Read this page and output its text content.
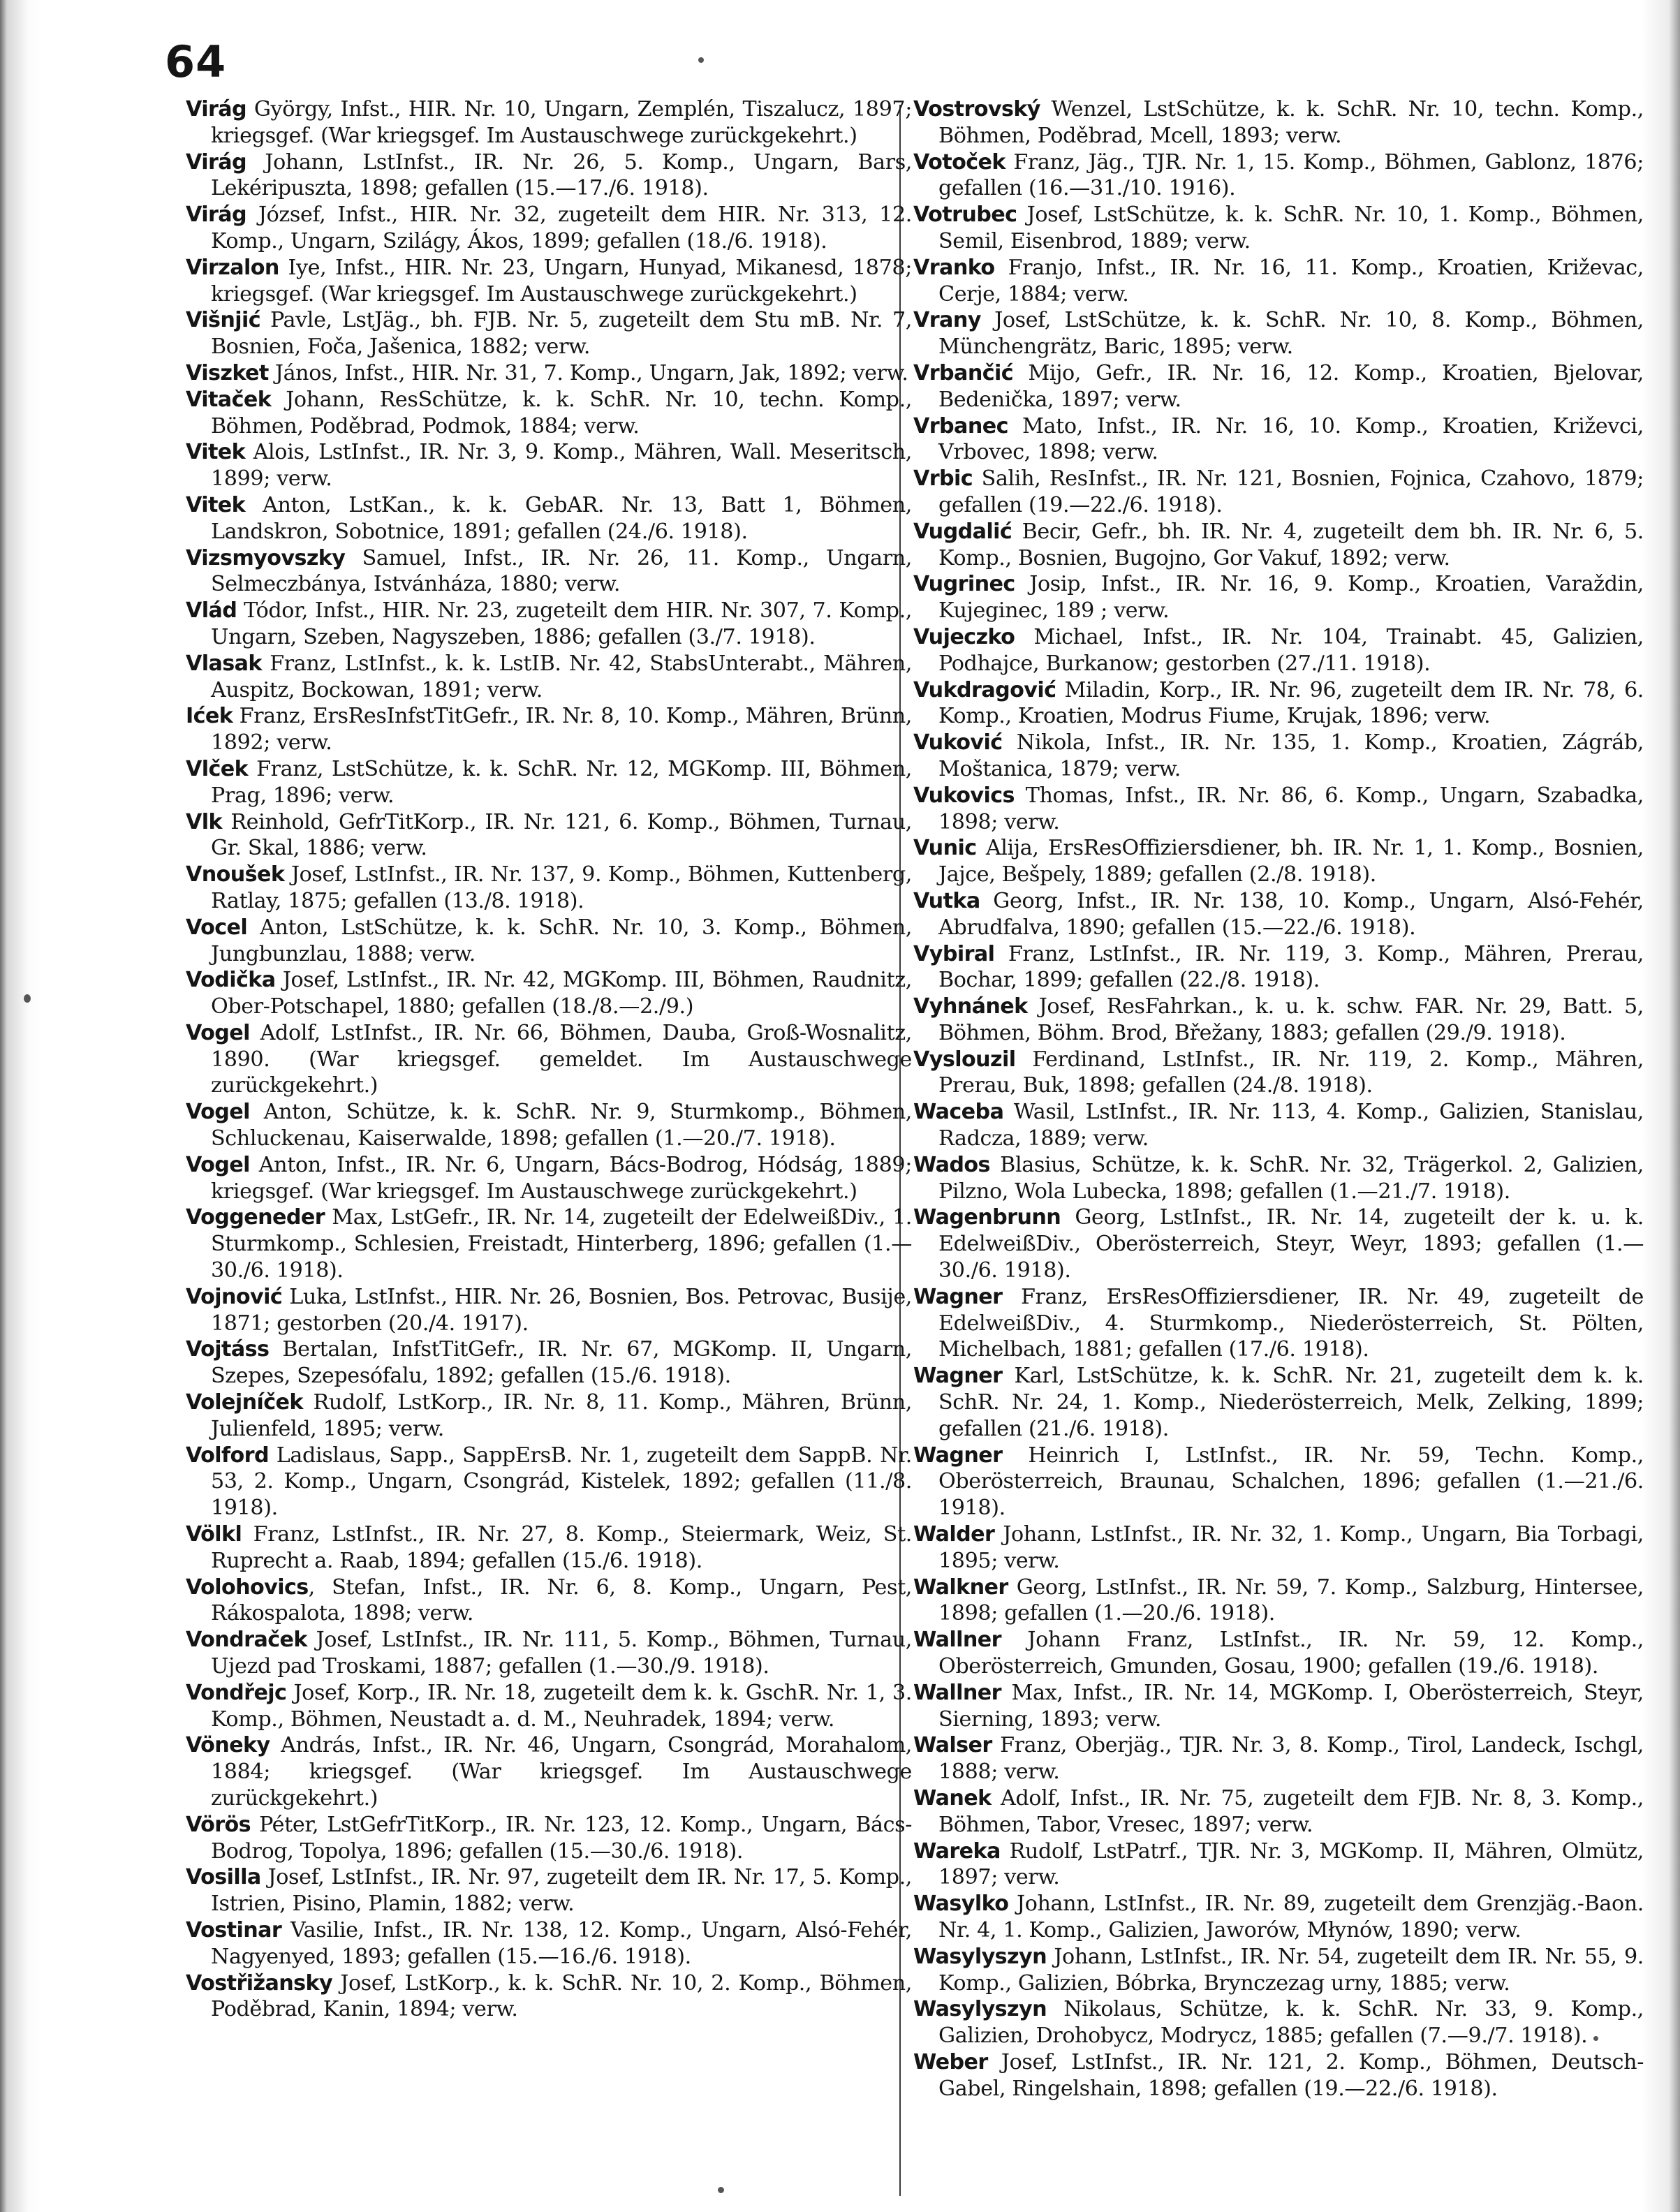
64

Virág György, Infst., HIR. Nr. 10, Ungarn, Zemplén, Tiszalucz, 1897; kriegsgef. (War kriegsgef. Im Austauschwege zurückgekehrt.)

Virág Johann, LstInfst., IR. Nr. 26, 5. Komp., Ungarn, Bars, Lekéripuszta, 1898; gefallen (15.—17./6. 1918).

Virág József, Infst., HIR. Nr. 32, zugeteilt dem HIR. Nr. 313, 12. Komp., Ungarn, Szilágy, Ákos, 1899; gefallen (18./6. 1918).

Virzalon Iye, Infst., HIR. Nr. 23, Ungarn, Hunyad, Mikanesd, 1878; kriegsgef. (War kriegsgef. Im Austauschwege zurückgekehrt.)

Višnjić Pavle, LstJäg., bh. FJB. Nr. 5, zugeteilt dem Stu mB. Nr. 7, Bosnien, Foča, Jašenica, 1882; verw.

Viszket János, Infst., HIR. Nr. 31, 7. Komp., Ungarn, Jak, 1892; verw.

Vitaček Johann, ResSchütze, k. k. SchR. Nr. 10, techn. Komp., Böhmen, Poděbrad, Podmok, 1884; verw.

Vitek Alois, LstInfst., IR. Nr. 3, 9. Komp., Mähren, Wall. Meseritsch, 1899; verw.

Vitek Anton, LstKan., k. k. GebAR. Nr. 13, Batt 1, Böhmen, Landskron, Sobotnice, 1891; gefallen (24./6. 1918).

Vizsmyovszky Samuel, Infst., IR. Nr. 26, 11. Komp., Ungarn, Selmeczbánya, Istvánháza, 1880; verw.

Vlád Tódor, Infst., HIR. Nr. 23, zugeteilt dem HIR. Nr. 307, 7. Komp., Ungarn, Szeben, Nagyszeben, 1886; gefallen (3./7. 1918).

Vlasak Franz, LstInfst., k. k. LstIB. Nr. 42, StabsUnterabt., Mähren, Auspitz, Bockowan, 1891; verw.

Ićek Franz, ErsResInfstTitGefr., IR. Nr. 8, 10. Komp., Mähren, Brünn, 1892; verw.

Vlček Franz, LstSchütze, k. k. SchR. Nr. 12, MGKomp. III, Böhmen, Prag, 1896; verw.

Vlk Reinhold, GefrTitKorp., IR. Nr. 121, 6. Komp., Böhmen, Turnau, Gr. Skal, 1886; verw.

Vnoušek Josef, LstInfst., IR. Nr. 137, 9. Komp., Böhmen, Kuttenberg, Ratlay, 1875; gefallen (13./8. 1918).

Vocel Anton, LstSchütze, k. k. SchR. Nr. 10, 3. Komp., Böhmen, Jungbunzlau, 1888; verw.

Vodička Josef, LstInfst., IR. Nr. 42, MGKomp. III, Böhmen, Raudnitz, Ober-Potschapel, 1880; gefallen (18./8.—2./9.)

Vogel Adolf, LstInfst., IR. Nr. 66, Böhmen, Dauba, Groß-Wosnalitz, 1890. (War kriegsgef. gemeldet. Im Austauschwege zurückgekehrt.)

Vogel Anton, Schütze, k. k. SchR. Nr. 9, Sturmkomp., Böhmen, Schluckenau, Kaiserwalde, 1898; gefallen (1.—20./7. 1918).

Vogel Anton, Infst., IR. Nr. 6, Ungarn, Bács-Bodrog, Hódság, 1889; kriegsgef. (War kriegsgef. Im Austauschwege zurückgekehrt.)

Voggeneder Max, LstGefr., IR. Nr. 14, zugeteilt der EdelweißDiv., 1. Sturmkomp., Schlesien, Freistadt, Hinterberg, 1896; gefallen (1.—30./6. 1918).

Vojnović Luka, LstInfst., HIR. Nr. 26, Bosnien, Bos. Petrovac, Busije, 1871; gestorben (20./4. 1917).

Vojtáss Bertalan, InfstTitGefr., IR. Nr. 67, MGKomp. II, Ungarn, Szepes, Szepesófalu, 1892; gefallen (15./6. 1918).

Volejníček Rudolf, LstKorp., IR. Nr. 8, 11. Komp., Mähren, Brünn, Julienfeld, 1895; verw.

Volford Ladislaus, Sapp., SappErsB. Nr. 1, zugeteilt dem SappB. Nr. 53, 2. Komp., Ungarn, Csongrád, Kistelek, 1892; gefallen (11./8. 1918).

Völkl Franz, LstInfst., IR. Nr. 27, 8. Komp., Steiermark, Weiz, St. Ruprecht a. Raab, 1894; gefallen (15./6. 1918).

Volohovics, Stefan, Infst., IR. Nr. 6, 8. Komp., Ungarn, Pest, Rákospalota, 1898; verw.

Vondraček Josef, LstInfst., IR. Nr. 111, 5. Komp., Böhmen, Turnau, Ujezd pad Troskami, 1887; gefallen (1.—30./9. 1918).

Vondřejc Josef, Korp., IR. Nr. 18, zugeteilt dem k. k. GschR. Nr. 1, 3. Komp., Böhmen, Neustadt a. d. M., Neuhradek, 1894; verw.

Vöneky András, Infst., IR. Nr. 46, Ungarn, Csongrád, Morahalom, 1884; kriegsgef. (War kriegsgef. Im Austauschwege zurückgekehrt.)

Vörös Péter, LstGefrTitKorp., IR. Nr. 123, 12. Komp., Ungarn, Bács-Bodrog, Topolya, 1896; gefallen (15.—30./6. 1918).

Vosilla Josef, LstInfst., IR. Nr. 97, zugeteilt dem IR. Nr. 17, 5. Komp., Istrien, Pisino, Plamin, 1882; verw.

Vostinar Vasilie, Infst., IR. Nr. 138, 12. Komp., Ungarn, Alsó-Fehér, Nagyenyed, 1893; gefallen (15.—16./6. 1918).

Vostřižansky Josef, LstKorp., k. k. SchR. Nr. 10, 2. Komp., Böhmen, Poděbrad, Kanin, 1894; verw.

Vostrovský Wenzel, LstSchütze, k. k. SchR. Nr. 10, techn. Komp., Böhmen, Poděbrad, Mcell, 1893; verw.

Votoček Franz, Jäg., TJR. Nr. 1, 15. Komp., Böhmen, Gablonz, 1876; gefallen (16.—31./10. 1916).

Votrubec Josef, LstSchütze, k. k. SchR. Nr. 10, 1. Komp., Böhmen, Semil, Eisenbrod, 1889; verw.

Vranko Franjo, Infst., IR. Nr. 16, 11. Komp., Kroatien, Križevac, Cerje, 1884; verw.

Vrany Josef, LstSchütze, k. k. SchR. Nr. 10, 8. Komp., Böhmen, Münchengrätz, Baric, 1895; verw.

Vrbančić Mijo, Gefr., IR. Nr. 16, 12. Komp., Kroatien, Bjelovar, Bedenička, 1897; verw.

Vrbanec Mato, Infst., IR. Nr. 16, 10. Komp., Kroatien, Križevci, Vrbovec, 1898; verw.

Vrbic Salih, ResInfst., IR. Nr. 121, Bosnien, Fojnica, Czahovo, 1879; gefallen (19.—22./6. 1918).

Vugdalić Becir, Gefr., bh. IR. Nr. 4, zugeteilt dem bh. IR. Nr. 6, 5. Komp., Bosnien, Bugojno, Gor Vakuf, 1892; verw.

Vugrinec Josip, Infst., IR. Nr. 16, 9. Komp., Kroatien, Varaždin, Kujeginec, 189 ; verw.

Vujeczko Michael, Infst., IR. Nr. 104, Trainabt. 45, Galizien, Podhajce, Burkanow; gestorben (27./11. 1918).

Vukdragović Miladin, Korp., IR. Nr. 96, zugeteilt dem IR. Nr. 78, 6. Komp., Kroatien, Modrus Fiume, Krujak, 1896; verw.

Vuković Nikola, Infst., IR. Nr. 135, 1. Komp., Kroatien, Zágráb, Moštanica, 1879; verw.

Vukovics Thomas, Infst., IR. Nr. 86, 6. Komp., Ungarn, Szabadka, 1898; verw.

Vunic Alija, ErsResOffiziersdiener, bh. IR. Nr. 1, 1. Komp., Bosnien, Jajce, Bešpely, 1889; gefallen (2./8. 1918).

Vutka Georg, Infst., IR. Nr. 138, 10. Komp., Ungarn, Alsó-Fehér, Abrudfalva, 1890; gefallen (15.—22./6. 1918).

Vybiral Franz, LstInfst., IR. Nr. 119, 3. Komp., Mähren, Prerau, Bochar, 1899; gefallen (22./8. 1918).

Vyhnánek Josef, ResFahrkan., k. u. k. schw. FAR. Nr. 29, Batt. 5, Böhmen, Böhm. Brod, Břežany, 1883; gefallen (29./9. 1918).

Vyslouzil Ferdinand, LstInfst., IR. Nr. 119, 2. Komp., Mähren, Prerau, Buk, 1898; gefallen (24./8. 1918).

Waceba Wasil, LstInfst., IR. Nr. 113, 4. Komp., Galizien, Stanislau, Radcza, 1889; verw.

Wados Blasius, Schütze, k. k. SchR. Nr. 32, Trägerkol. 2, Galizien, Pilzno, Wola Lubecka, 1898; gefallen (1.—21./7. 1918).

Wagenbrunn Georg, LstInfst., IR. Nr. 14, zugeteilt der k. u. k. EdelweißDiv., Oberösterreich, Steyr, Weyr, 1893; gefallen (1.—30./6. 1918).

Wagner Franz, ErsResOffiziersdiener, IR. Nr. 49, zugeteilt de EdelweißDiv., 4. Sturmkomp., Niederösterreich, St. Pölten, Michelbach, 1881; gefallen (17./6. 1918).

Wagner Karl, LstSchütze, k. k. SchR. Nr. 21, zugeteilt dem k. k. SchR. Nr. 24, 1. Komp., Niederösterreich, Melk, Zelking, 1899; gefallen (21./6. 1918).

Wagner Heinrich I, LstInfst., IR. Nr. 59, Techn. Komp., Oberösterreich, Braunau, Schalchen, 1896; gefallen (1.—21./6. 1918).

Walder Johann, LstInfst., IR. Nr. 32, 1. Komp., Ungarn, Bia Torbagi, 1895; verw.

Walkner Georg, LstInfst., IR. Nr. 59, 7. Komp., Salzburg, Hintersee, 1898; gefallen (1.—20./6. 1918).

Wallner Johann Franz, LstInfst., IR. Nr. 59, 12. Komp., Oberösterreich, Gmunden, Gosau, 1900; gefallen (19./6. 1918).

Wallner Max, Infst., IR. Nr. 14, MGKomp. I, Oberösterreich, Steyr, Sierning, 1893; verw.

Walser Franz, Oberjäg., TJR. Nr. 3, 8. Komp., Tirol, Landeck, Ischgl, 1888; verw.

Wanek Adolf, Infst., IR. Nr. 75, zugeteilt dem FJB. Nr. 8, 3. Komp., Böhmen, Tabor, Vresec, 1897; verw.

Wareka Rudolf, LstPatrf., TJR. Nr. 3, MGKomp. II, Mähren, Olmütz, 1897; verw.

Wasylko Johann, LstInfst., IR. Nr. 89, zugeteilt dem Grenzjäg.-Baon. Nr. 4, 1. Komp., Galizien, Jaworów, Młynów, 1890; verw.

Wasylyszyn Johann, LstInfst., IR. Nr. 54, zugeteilt dem IR. Nr. 55, 9. Komp., Galizien, Bóbrka, Brynczezag urny, 1885; verw.

Wasylyszyn Nikolaus, Schütze, k. k. SchR. Nr. 33, 9. Komp., Galizien, Drohobycz, Modrycz, 1885; gefallen (7.—9./7. 1918).

Weber Josef, LstInfst., IR. Nr. 121, 2. Komp., Böhmen, Deutsch-Gabel, Ringelshain, 1898; gefallen (19.—22./6. 1918).
